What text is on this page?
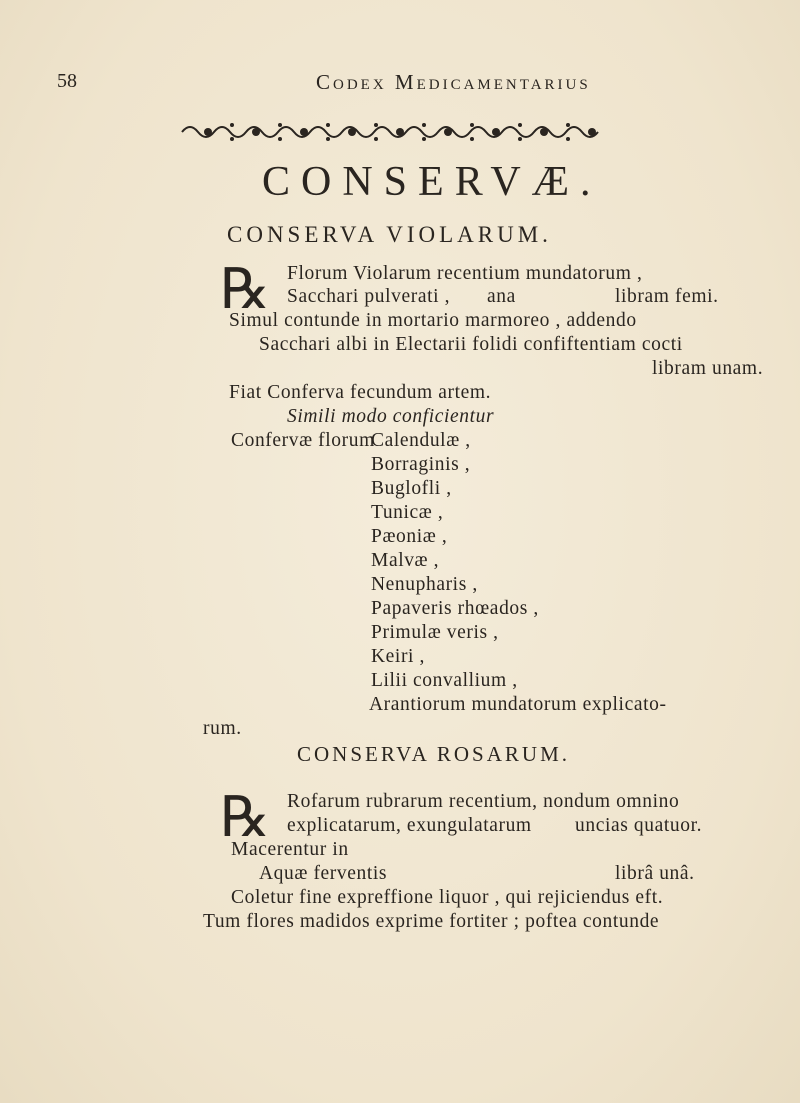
58	Codex Medicamentarius
CONSERVÆ.
CONSERVA VIOLARUM.
℞ Florum Violarum recentium mundatorum ,
Sacchari pulverati , ana	libram femi.
Simul contunde in mortario marmoreo , addendo
Sacchari albi in Electarii folidi confiftentiam cocti
libram unam.
Fiat Conferva fecundum artem.
Simili modo conficientur
Confervæ florum
Calendulæ ,
Borraginis ,
Buglofli ,
Tunicæ ,
Pæoniæ ,
Malvæ ,
Nenupharis ,
Papaveris rhœados ,
Primulæ veris ,
Keiri ,
Lilii convallium ,
Arantiorum mundatorum explicato-
rum.
CONSERVA ROSARUM.
℞ Rofarum rubrarum recentium, nondum omnino
explicatarum, exungulatarum uncias quatuor.
Macerentur in
Aquæ ferventis	librâ unâ.
Coletur fine expreffione liquor , qui rejiciendus eft.
Tum flores madidos exprime fortiter ; poftea contunde
